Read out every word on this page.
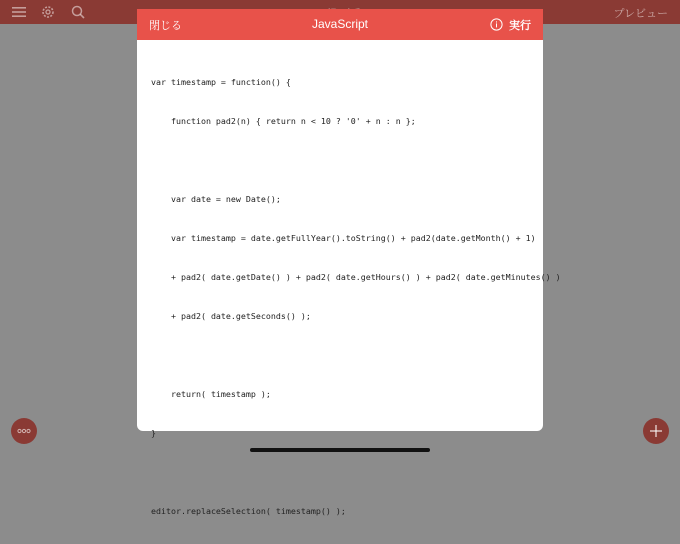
プレビュー
閉じる	JavaScript	実行

var timestamp = function() {

function pad2(n) { return n < 10 ? '0' + n : n };

var date = new Date();

var timestamp = date.getFullYear().toString() + pad2(date.getMonth() + 1)

+ pad2( date.getDate() ) + pad2( date.getHours() ) + pad2( date.getMinutes() )

+ pad2( date.getSeconds() );

return( timestamp );

}

editor.replaceSelection( timestamp() );
